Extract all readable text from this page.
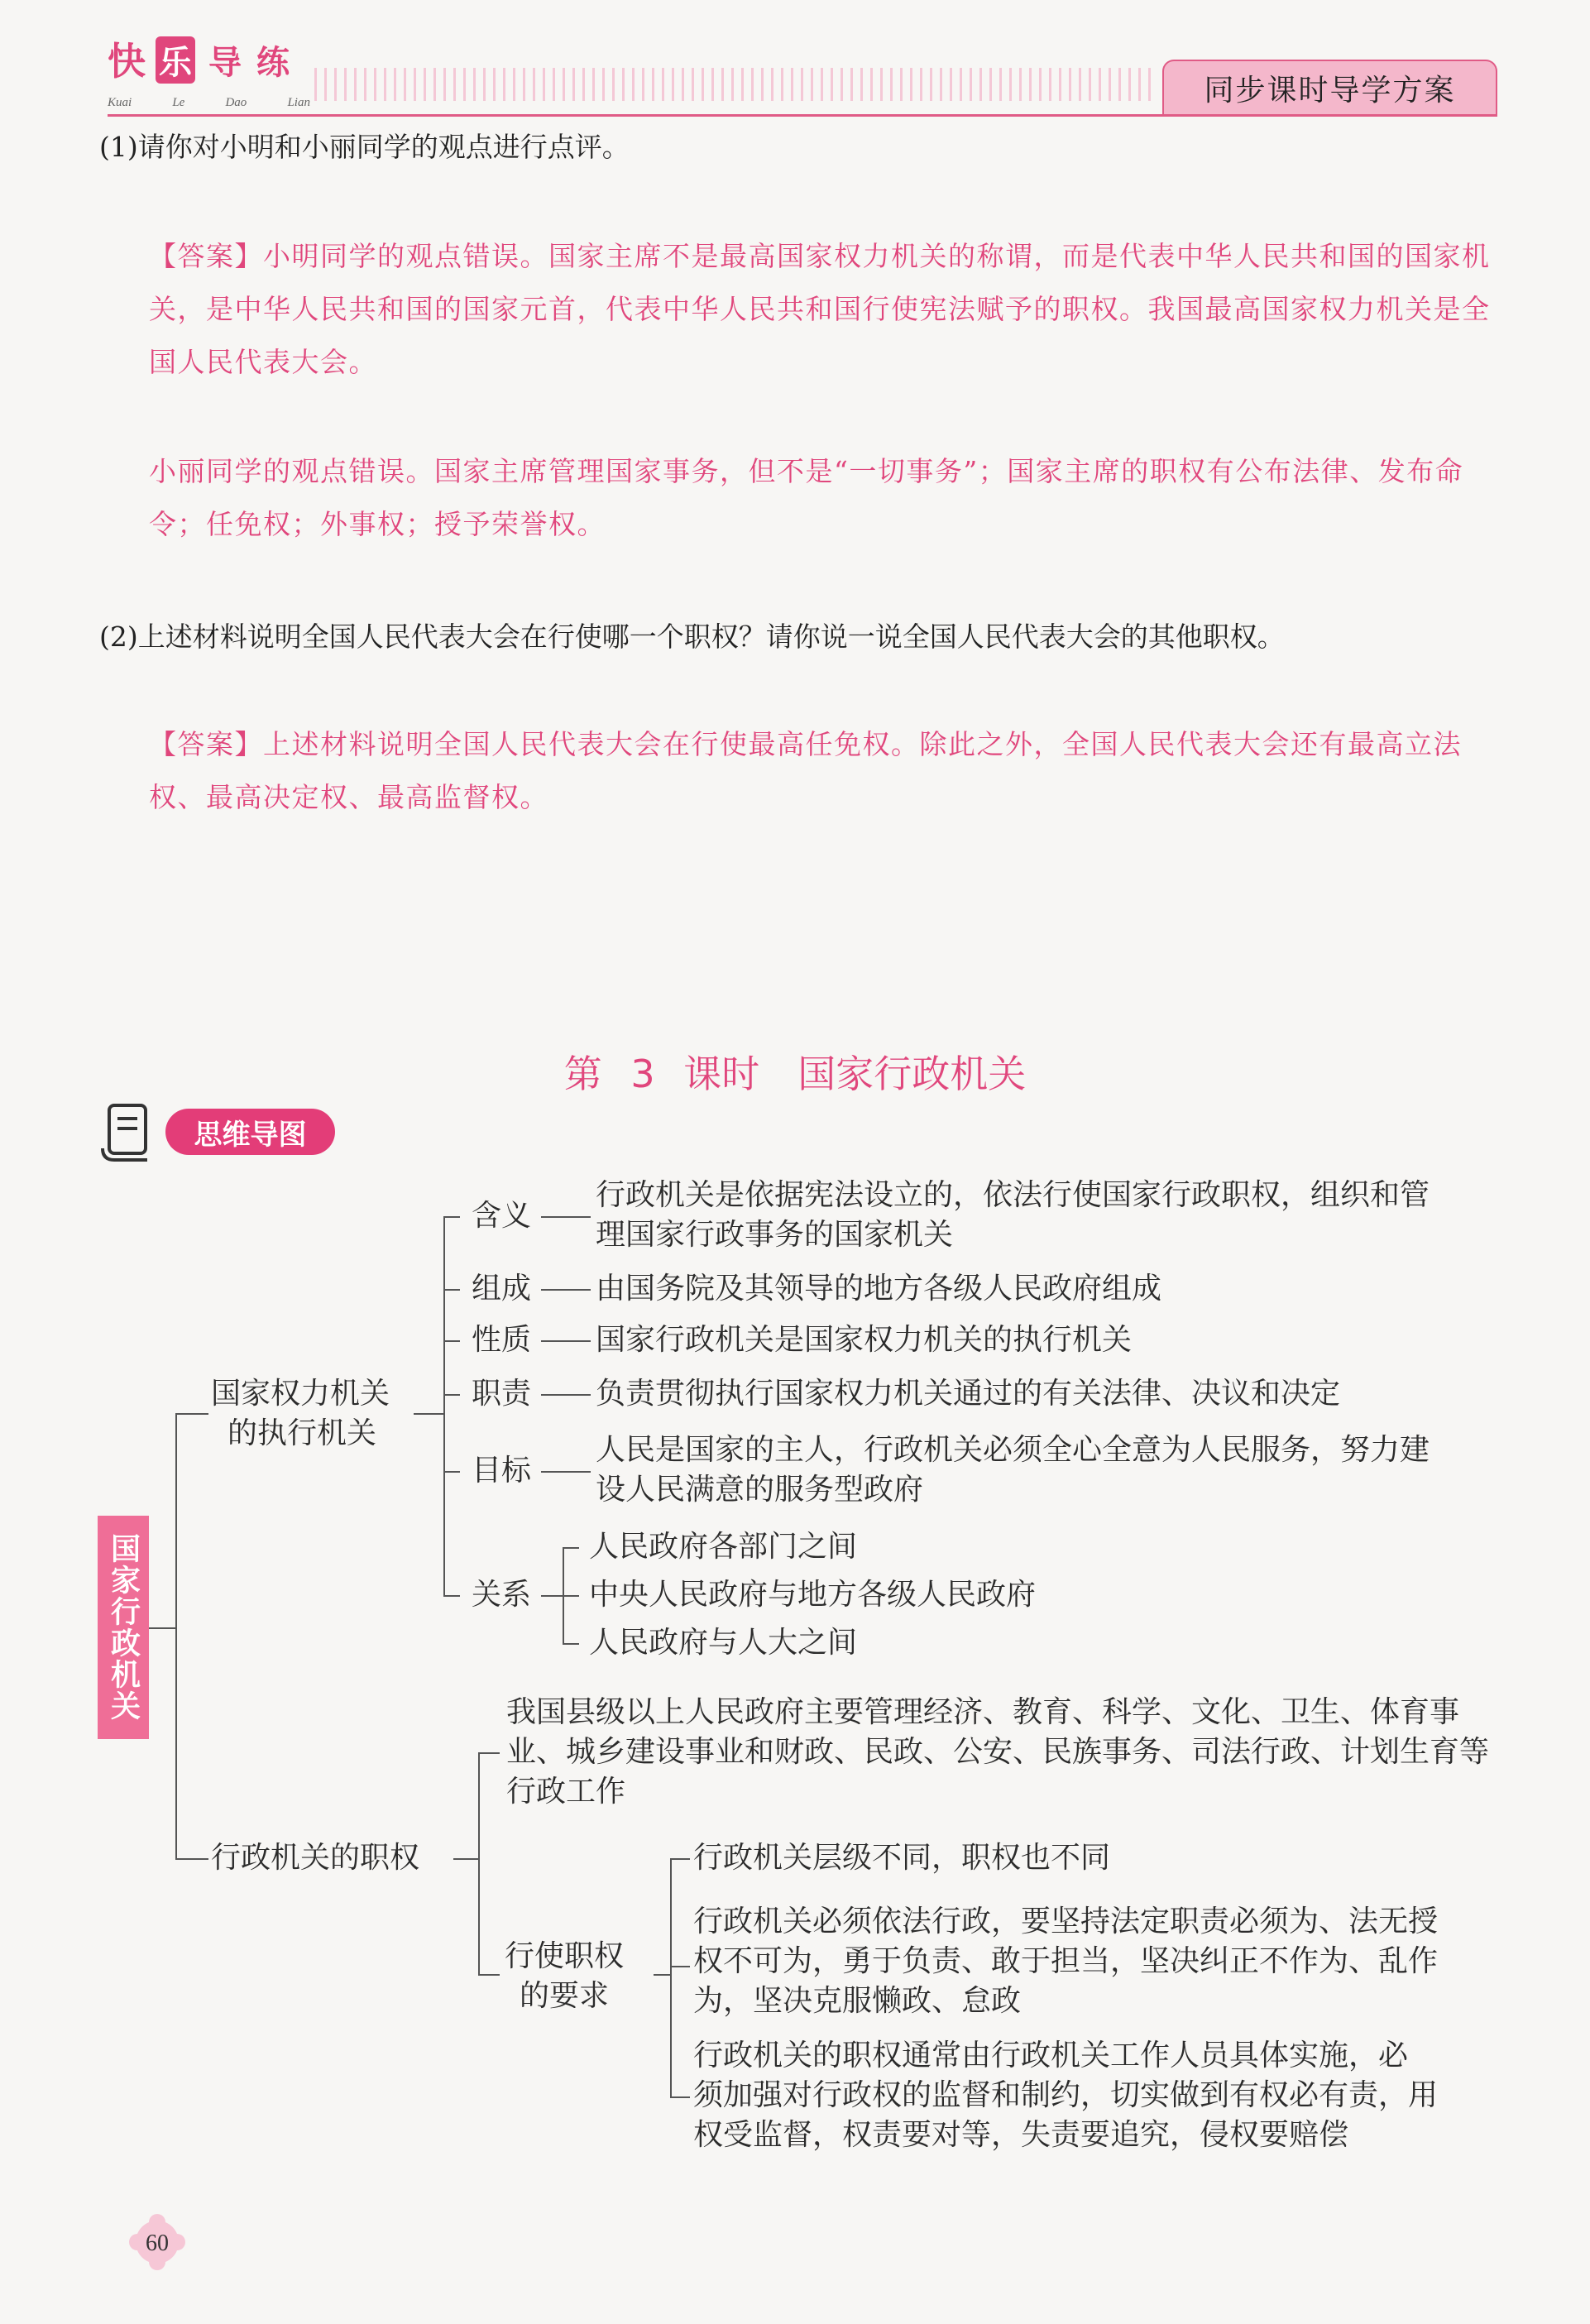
快 乐 导 练
Kuai	Le	Dao	Lian	同步课时导学方案
(1)请你对小明和小丽同学的观点进行点评。
【答案】小明同学的观点错误。国家主席不是最高国家权力机关的称谓，而是代表中华人民共和国的国家机关，是中华人民共和国的国家元首，代表中华人民共和国行使宪法赋予的职权。我国最高国家权力机关是全国人民代表大会。
小丽同学的观点错误。国家主席管理国家事务，但不是“一切事务”；国家主席的职权有公布法律、发布命令；任免权；外事权；授予荣誉权。
(2)上述材料说明全国人民代表大会在行使哪一个职权？请你说一说全国人民代表大会的其他职权。
【答案】上述材料说明全国人民代表大会在行使最高任免权。除此之外，全国人民代表大会还有最高立法权、最高决定权、最高监督权。
第 3 课时　国家行政机关
思维导图
国家行政机关
国家权力机关
的执行机关
含义
行政机关是依据宪法设立的，依法行使国家行政职权，组织和管
理国家行政事务的国家机关
组成 由国务院及其领导的地方各级人民政府组成
性质 国家行政机关是国家权力机关的执行机关
职责 负责贯彻执行国家权力机关通过的有关法律、决议和决定
目标
人民是国家的主人，行政机关必须全心全意为人民服务，努力建
设人民满意的服务型政府
关系
人民政府各部门之间
中央人民政府与地方各级人民政府
人民政府与人大之间
行政机关的职权
我国县级以上人民政府主要管理经济、教育、科学、文化、卫生、体育事
业、城乡建设事业和财政、民政、公安、民族事务、司法行政、计划生育等
行政工作
行使职权
的要求
行政机关层级不同，职权也不同
行政机关必须依法行政，要坚持法定职责必须为、法无授
权不可为，勇于负责、敢于担当，坚决纠正不作为、乱作
为，坚决克服懒政、怠政
行政机关的职权通常由行政机关工作人员具体实施，必
须加强对行政权的监督和制约，切实做到有权必有责，用
权受监督，权责要对等，失责要追究，侵权要赔偿
60
